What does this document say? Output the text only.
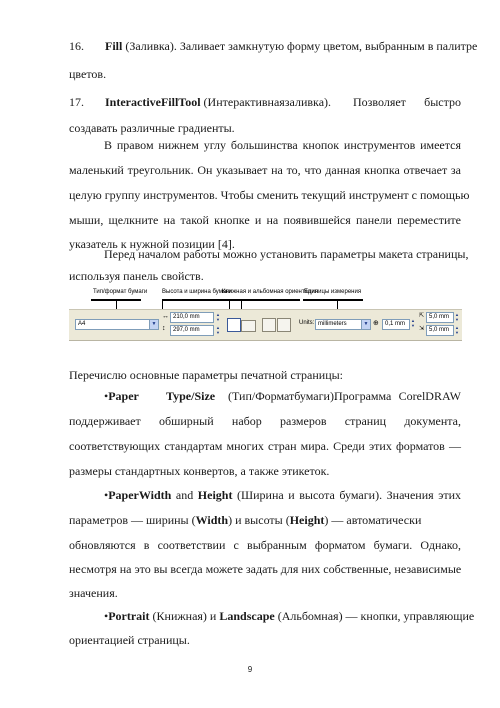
16. Fill (Заливка). Заливает замкнутую форму цветом, выбранным в палитре
цветов.
17. InteractiveFillTool (Интерактивнаязаливка). Позволяет быстро
создавать различные градиенты.
В правом нижнем углу большинства кнопок инструментов имеется
маленький треугольник. Он указывает на то, что данная кнопка отвечает за
целую группу инструментов. Чтобы сменить текущий инструмент с помощью
мыши, щелкните на такой кнопке и на появившейся панели переместите
указатель к нужной позиции [4].
Тип/формат бумаги Высота и ширина бумаги
Книжная и альбомная ориентация
Единицы измерения
A4	▼
↔ 210,0 mm
↕	297,0 mm
▲
▼
▲
▼
Units: millimeters	▼ ⊕	0,1 mm
▲
▼
⇱ 5,0 mm
⇲ 5,0 mm
▲
▼
▲
▼
Перечислю основные параметры печатной страницы:
•Paper Type/Size (Тип/Форматбумаги).
Программа CorelDRAW
поддерживает обширный набор размеров страниц документа,
соответствующих стандартам многих стран мира. Среди этих форматов —
размеры стандартных конвертов, а также этикеток.
•PaperWidth and Height (Ширина и высота бумаги). Значения этих
параметров — ширины (Width) и высоты (Height) — автоматически
обновляются в соответствии с выбранным форматом бумаги. Однако,
несмотря на это вы всегда можете задать для них собственные, независимые
значения.
•Portrait (Книжная) и Landscape (Альбомная) — кнопки, управляющие
ориентацией страницы.
9
Перед началом работы можно установить параметры макета страницы,
используя панель свойств.
